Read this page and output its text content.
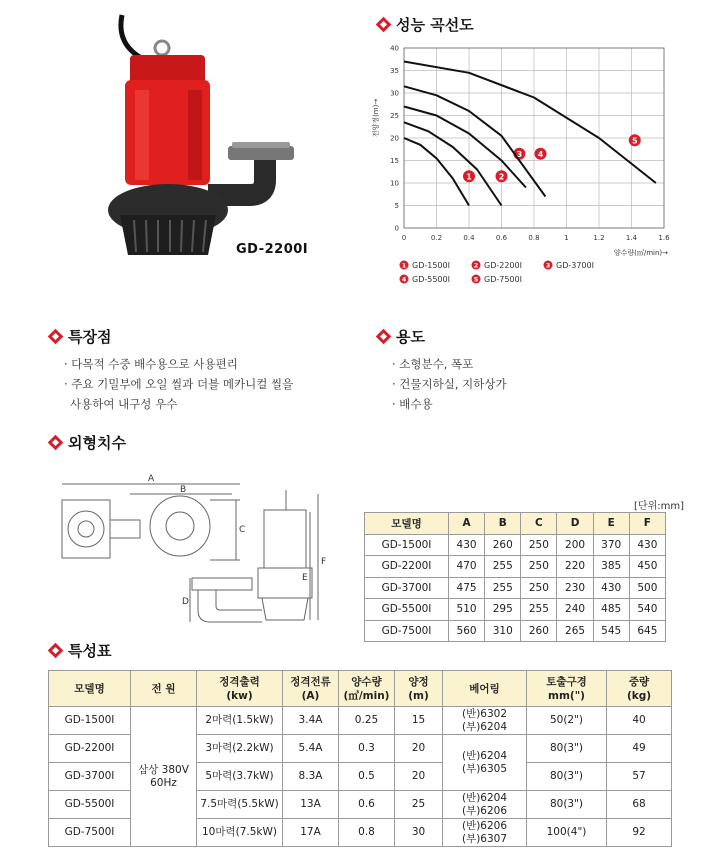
GD-2200Ⅰ
성능 곡선도
0	0.2	0.4	0.6	0.8	1	1.2	1.4	1.6
0
5
10
15
20
25
30
35
40
전양정(m)→
양수량(㎥/min)→
1	2
3 4
5
1 GD-1500Ⅰ	2 GD-2200Ⅰ	3 GD-3700Ⅰ
4 GD-5500Ⅰ	5 GD-7500Ⅰ
특장점
· 다목적 수중 배수용으로 사용편리
· 주요 기밀부에 오일 씰과 더블 메카니컬 씰을
사용하여 내구성 우수
용도
· 소형분수, 폭포
· 건물지하실, 지하상가
· 배수용
외형치수
A
B
C
D
E
F
[단위:mm]
모델명	A	B	C	D	E	F
GD-1500Ⅰ	430	260	250	200	370	430
GD-2200Ⅰ	470	255	250	220	385	450
GD-3700Ⅰ	475	255	250	230	430	500
GD-5500Ⅰ	510	295	255	240	485	540
GD-7500Ⅰ	560	310	260	265	545	645
특성표
모델명	전 원	정격출력
(kw)	정격전류
(A)	양수량
(㎥/min)	양정
(m)	베어링	토출구경
mm(")	중량
(kg)
GD-1500Ⅰ	삼상 380V
60Hz	2마력(1.5kW)	3.4A	0.25	15	(반)6302
(부)6204	50(2")	40
GD-2200Ⅰ		3마력(2.2kW)	5.4A	0.3	20	(반)6204
(부)6305	80(3")	49
GD-3700Ⅰ		5마력(3.7kW)	8.3A	0.5	20		80(3")	57
GD-5500Ⅰ		7.5마력(5.5kW)	13A	0.6	25	(반)6204
(부)6206	80(3")	68
GD-7500Ⅰ		10마력(7.5kW)	17A	0.8	30	(반)6206
(부)6307	100(4")	92
